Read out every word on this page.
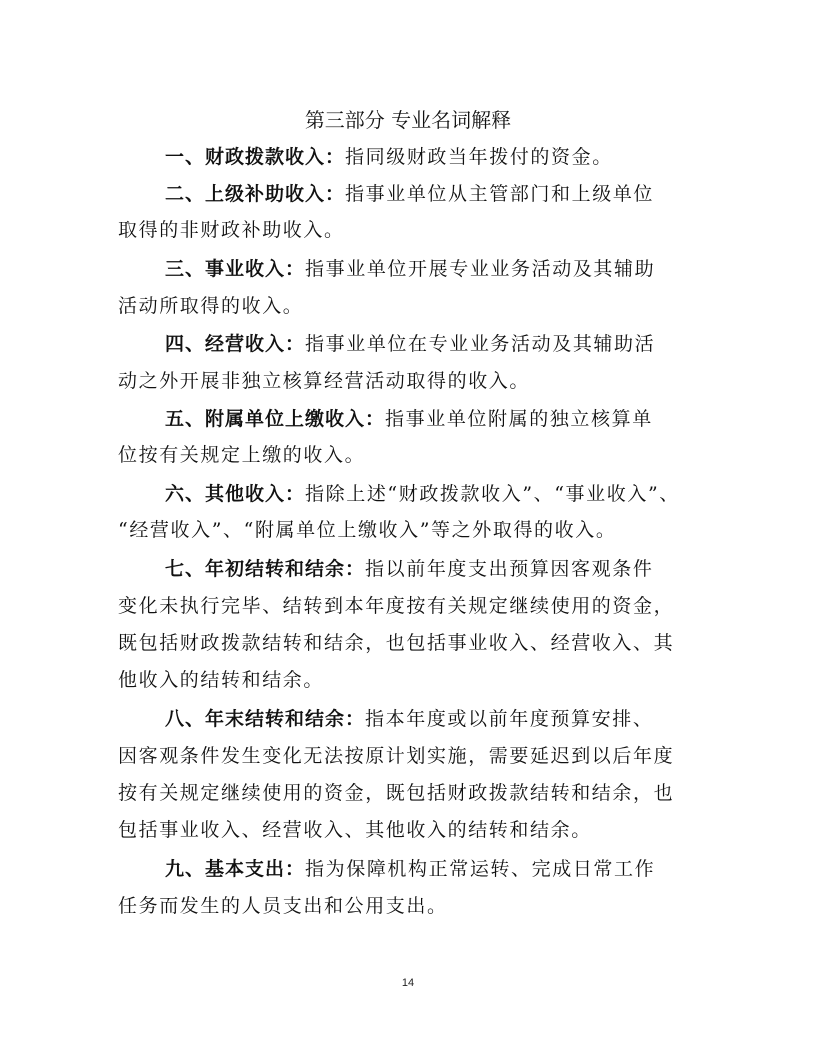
第三部分 专业名词解释
一、财政拨款收入：指同级财政当年拨付的资金。
二、上级补助收入：指事业单位从主管部门和上级单位
取得的非财政补助收入。
三、事业收入：指事业单位开展专业业务活动及其辅助
活动所取得的收入。
四、经营收入：指事业单位在专业业务活动及其辅助活
动之外开展非独立核算经营活动取得的收入。
五、附属单位上缴收入：指事业单位附属的独立核算单
位按有关规定上缴的收入。
六、其他收入：指除上述“财政拨款收入”、“事业收入”、
“经营收入”、“附属单位上缴收入”等之外取得的收入。
七、年初结转和结余：指以前年度支出预算因客观条件
变化未执行完毕、结转到本年度按有关规定继续使用的资金，
既包括财政拨款结转和结余，也包括事业收入、经营收入、其
他收入的结转和结余。
八、年末结转和结余：指本年度或以前年度预算安排、
因客观条件发生变化无法按原计划实施，需要延迟到以后年度
按有关规定继续使用的资金，既包括财政拨款结转和结余，也
包括事业收入、经营收入、其他收入的结转和结余。
九、基本支出：指为保障机构正常运转、完成日常工作
任务而发生的人员支出和公用支出。
14
